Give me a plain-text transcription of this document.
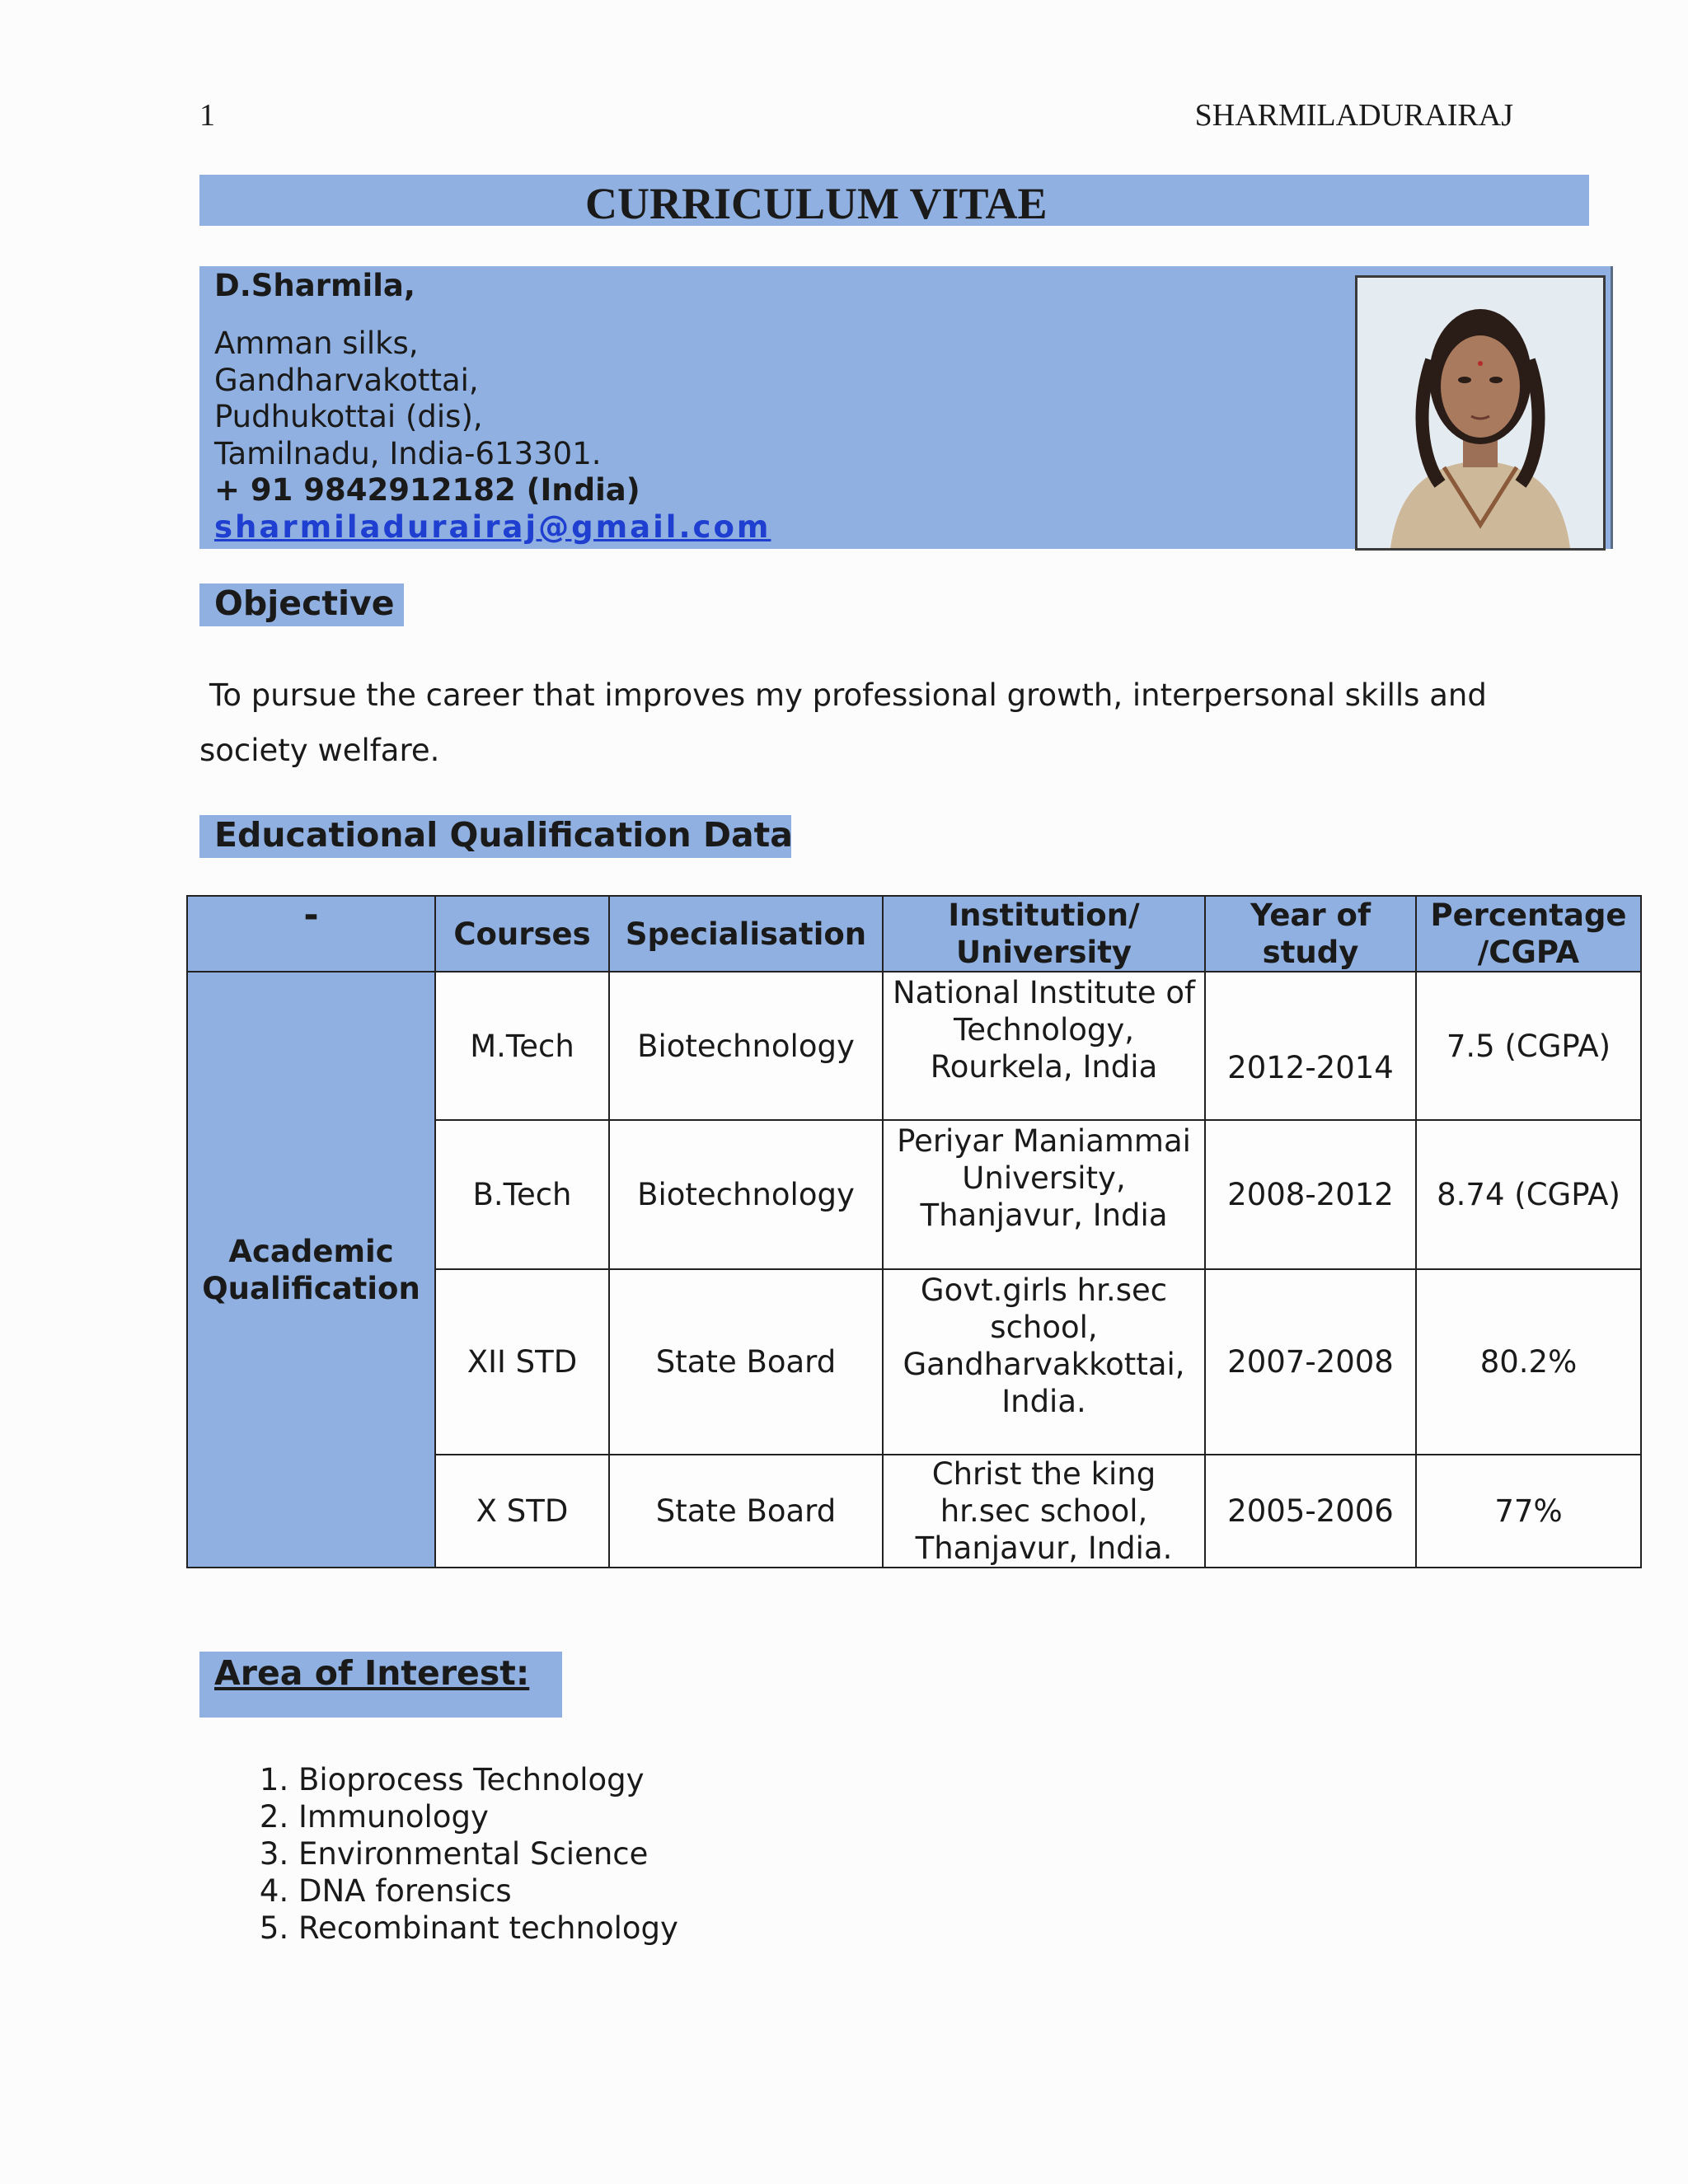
1	SHARMILADURAIRAJ
CURRICULUM VITAE
D.Sharmila,
Amman silks,
Gandharvakottai,
Pudhukottai (dis),
Tamilnadu, India-613301.
+ 91 9842912182 (India)
sharmiladurairaj@gmail.com
Objective
To pursue the career that improves my professional growth, interpersonal skills and society welfare.
Educational Qualification Data
-	Courses	Specialisation	Institution/ University	Year of study	Percentage /CGPA
Academic Qualification	M.Tech	Biotechnology	National Institute of Technology, Rourkela, India	2012-2014	7.5 (CGPA)
	B.Tech	Biotechnology	Periyar Maniammai University, Thanjavur, India	2008-2012	8.74 (CGPA)
	XII STD	State Board	Govt.girls hr.sec school, Gandharvakkottai, India.	2007-2008	80.2%
	X STD	State Board	Christ the king hr.sec school, Thanjavur, India.	2005-2006	77%
Area of Interest:
1. Bioprocess Technology
2. Immunology
3. Environmental Science
4. DNA forensics
5. Recombinant technology
